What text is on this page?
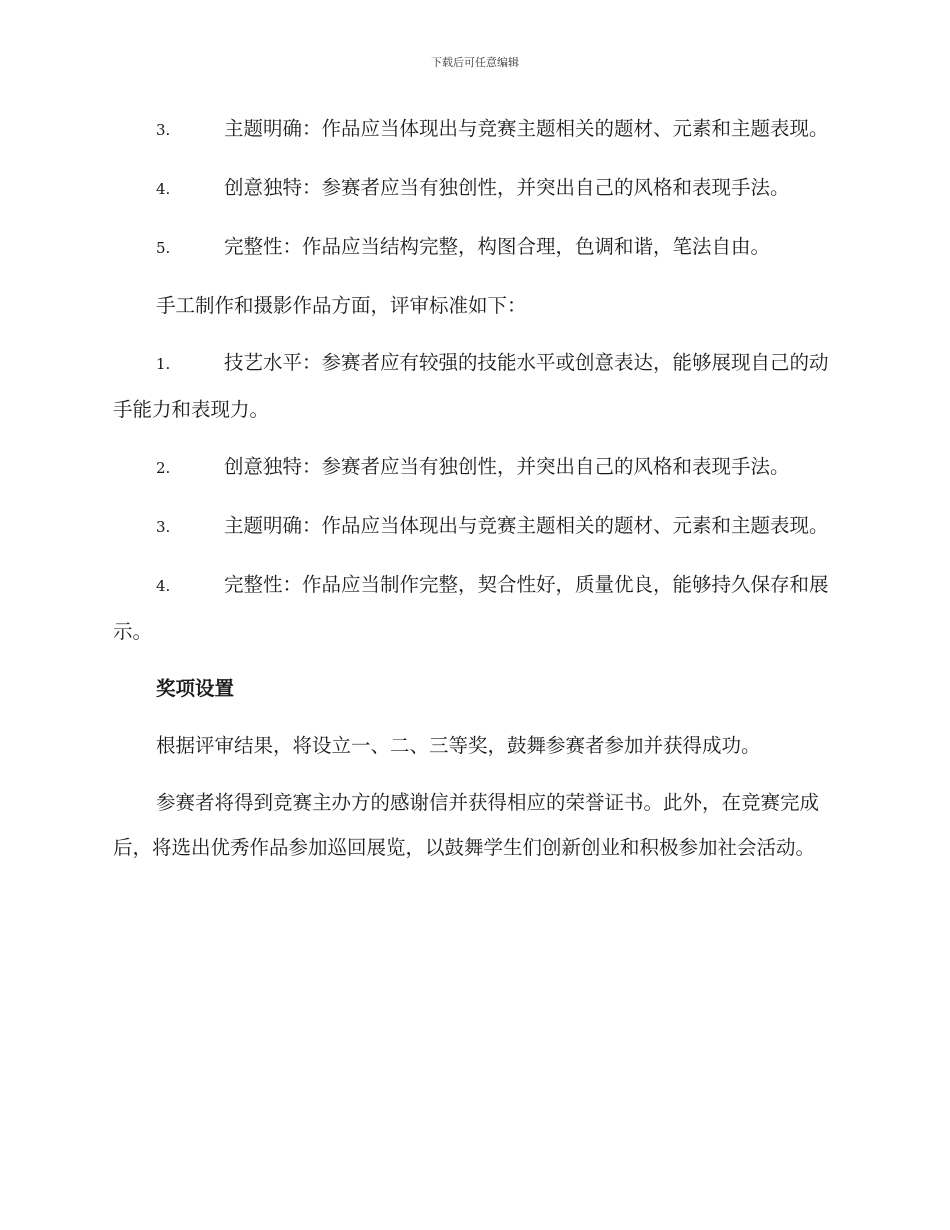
下载后可任意编辑

3.	主题明确：作品应当体现出与竞赛主题相关的题材、元素和主题表现。

4.	创意独特：参赛者应当有独创性，并突出自己的风格和表现手法。

5.	完整性：作品应当结构完整，构图合理，色调和谐，笔法自由。

手工制作和摄影作品方面，评审标准如下：

1.	技艺水平：参赛者应有较强的技能水平或创意表达，能够展现自己的动手能力和表现力。

2.	创意独特：参赛者应当有独创性，并突出自己的风格和表现手法。

3.	主题明确：作品应当体现出与竞赛主题相关的题材、元素和主题表现。

4.	完整性：作品应当制作完整，契合性好，质量优良，能够持久保存和展示。

奖项设置

根据评审结果，将设立一、二、三等奖，鼓舞参赛者参加并获得成功。

参赛者将得到竞赛主办方的感谢信并获得相应的荣誉证书。此外，在竞赛完成后，将选出优秀作品参加巡回展览，以鼓舞学生们创新创业和积极参加社会活动。
